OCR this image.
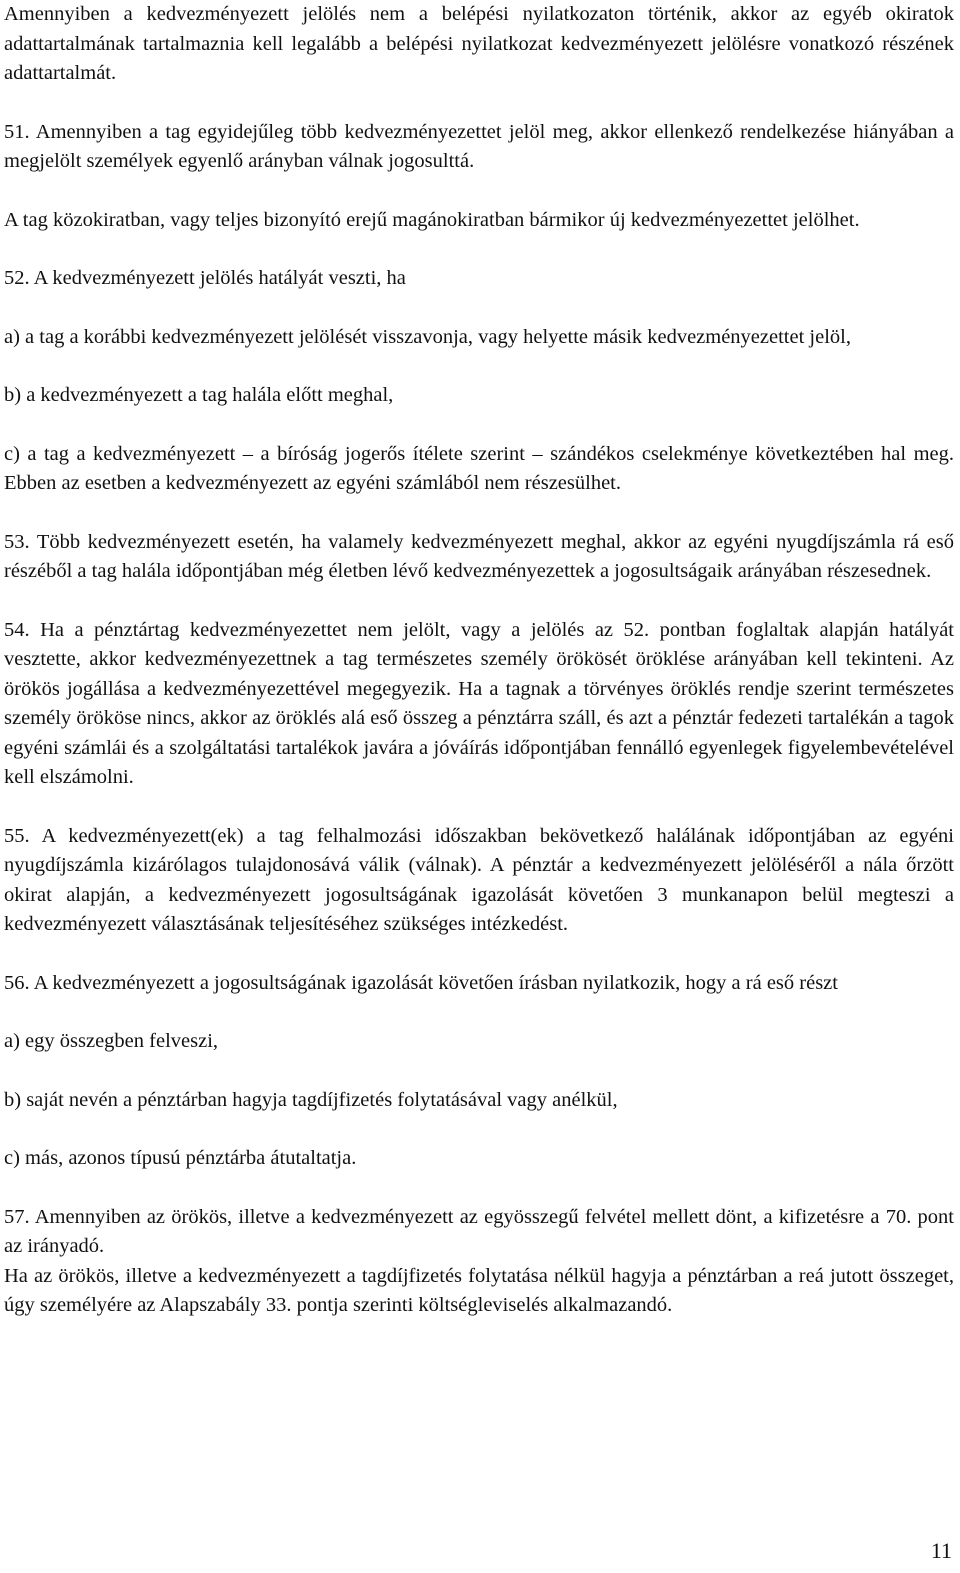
Amennyiben a kedvezményezett jelölés nem a belépési nyilatkozaton történik, akkor az egyéb okiratok adattartalmának tartalmaznia kell legalább a belépési nyilatkozat kedvezményezett jelölésre vonatkozó részének adattartalmát.

51. Amennyiben a tag egyidejűleg több kedvezményezettet jelöl meg, akkor ellenkező rendelkezése hiányában a megjelölt személyek egyenlő arányban válnak jogosulttá.

A tag közokiratban, vagy teljes bizonyító erejű magánokiratban bármikor új kedvezményezettet jelölhet.

52. A kedvezményezett jelölés hatályát veszti, ha

a) a tag a korábbi kedvezményezett jelölését visszavonja, vagy helyette másik kedvezményezettet jelöl,

b) a kedvezményezett a tag halála előtt meghal,

c) a tag a kedvezményezett – a bíróság jogerős ítélete szerint – szándékos cselekménye következtében hal meg. Ebben az esetben a kedvezményezett az egyéni számlából nem részesülhet.

53. Több kedvezményezett esetén, ha valamely kedvezményezett meghal, akkor az egyéni nyugdíjszámla rá eső részéből a tag halála időpontjában még életben lévő kedvezményezettek a jogosultságaik arányában részesednek.

54. Ha a pénztártag kedvezményezettet nem jelölt, vagy a jelölés az 52. pontban foglaltak alapján hatályát vesztette, akkor kedvezményezettnek a tag természetes személy örökösét öröklése arányában kell tekinteni. Az örökös jogállása a kedvezményezettével megegyezik. Ha a tagnak a törvényes öröklés rendje szerint természetes személy örököse nincs, akkor az öröklés alá eső összeg a pénztárra száll, és azt a pénztár fedezeti tartalékán a tagok egyéni számlái és a szolgáltatási tartalékok javára a jóváírás időpontjában fennálló egyenlegek figyelembevételével kell elszámolni.

55. A kedvezményezett(ek) a tag felhalmozási időszakban bekövetkező halálának időpontjában az egyéni nyugdíjszámla kizárólagos tulajdonosává válik (válnak). A pénztár a kedvezményezett jelöléséről a nála őrzött okirat alapján, a kedvezményezett jogosultságának igazolását követően 3 munkanapon belül megteszi a kedvezményezett választásának teljesítéséhez szükséges intézkedést.

56. A kedvezményezett a jogosultságának igazolását követően írásban nyilatkozik, hogy a rá eső részt

a) egy összegben felveszi,

b) saját nevén a pénztárban hagyja tagdíjfizetés folytatásával vagy anélkül,

c) más, azonos típusú pénztárba átutaltatja.

57. Amennyiben az örökös, illetve a kedvezményezett az egyösszegű felvétel mellett dönt, a kifizetésre a 70. pont az irányadó.

Ha az örökös, illetve a kedvezményezett a tagdíjfizetés folytatása nélkül hagyja a pénztárban a reá jutott összeget, úgy személyére az Alapszabály 33. pontja szerinti költségleviselés alkalmazandó.

11
